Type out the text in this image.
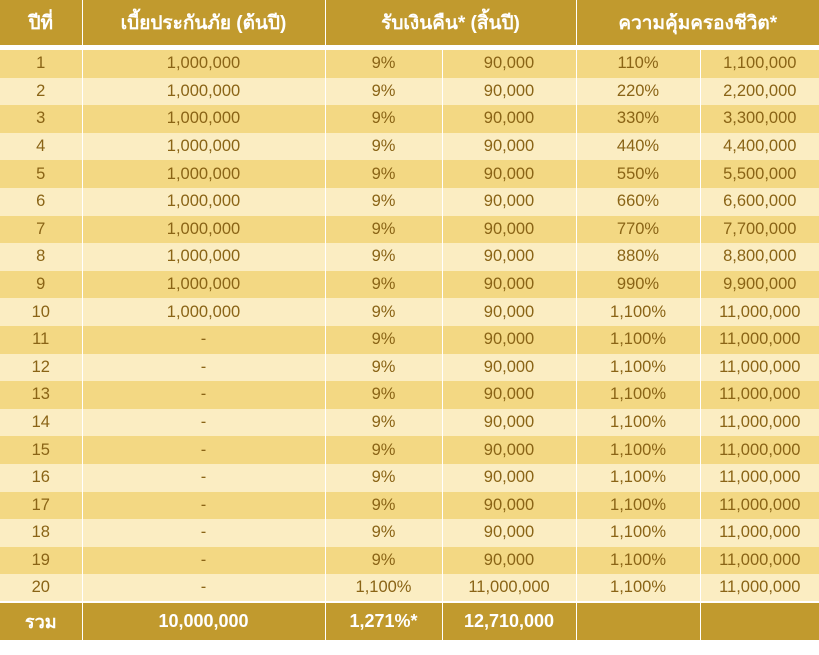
ปีที่	เบี้ยประกันภัย (ต้นปี)	รับเงินคืน* (สิ้นปี)		ความคุ้มครองชีวิต*	

1	1,000,000	9%	90,000	110%	1,100,000
2	1,000,000	9%	90,000	220%	2,200,000
3	1,000,000	9%	90,000	330%	3,300,000
4	1,000,000	9%	90,000	440%	4,400,000
5	1,000,000	9%	90,000	550%	5,500,000
6	1,000,000	9%	90,000	660%	6,600,000
7	1,000,000	9%	90,000	770%	7,700,000
8	1,000,000	9%	90,000	880%	8,800,000
9	1,000,000	9%	90,000	990%	9,900,000
10	1,000,000	9%	90,000	1,100%	11,000,000
11	-	9%	90,000	1,100%	11,000,000
12	-	9%	90,000	1,100%	11,000,000
13	-	9%	90,000	1,100%	11,000,000
14	-	9%	90,000	1,100%	11,000,000
15	-	9%	90,000	1,100%	11,000,000
16	-	9%	90,000	1,100%	11,000,000
17	-	9%	90,000	1,100%	11,000,000
18	-	9%	90,000	1,100%	11,000,000
19	-	9%	90,000	1,100%	11,000,000
20	-	1,100%	11,000,000	1,100%	11,000,000
รวม	10,000,000	1,271%*	12,710,000		
